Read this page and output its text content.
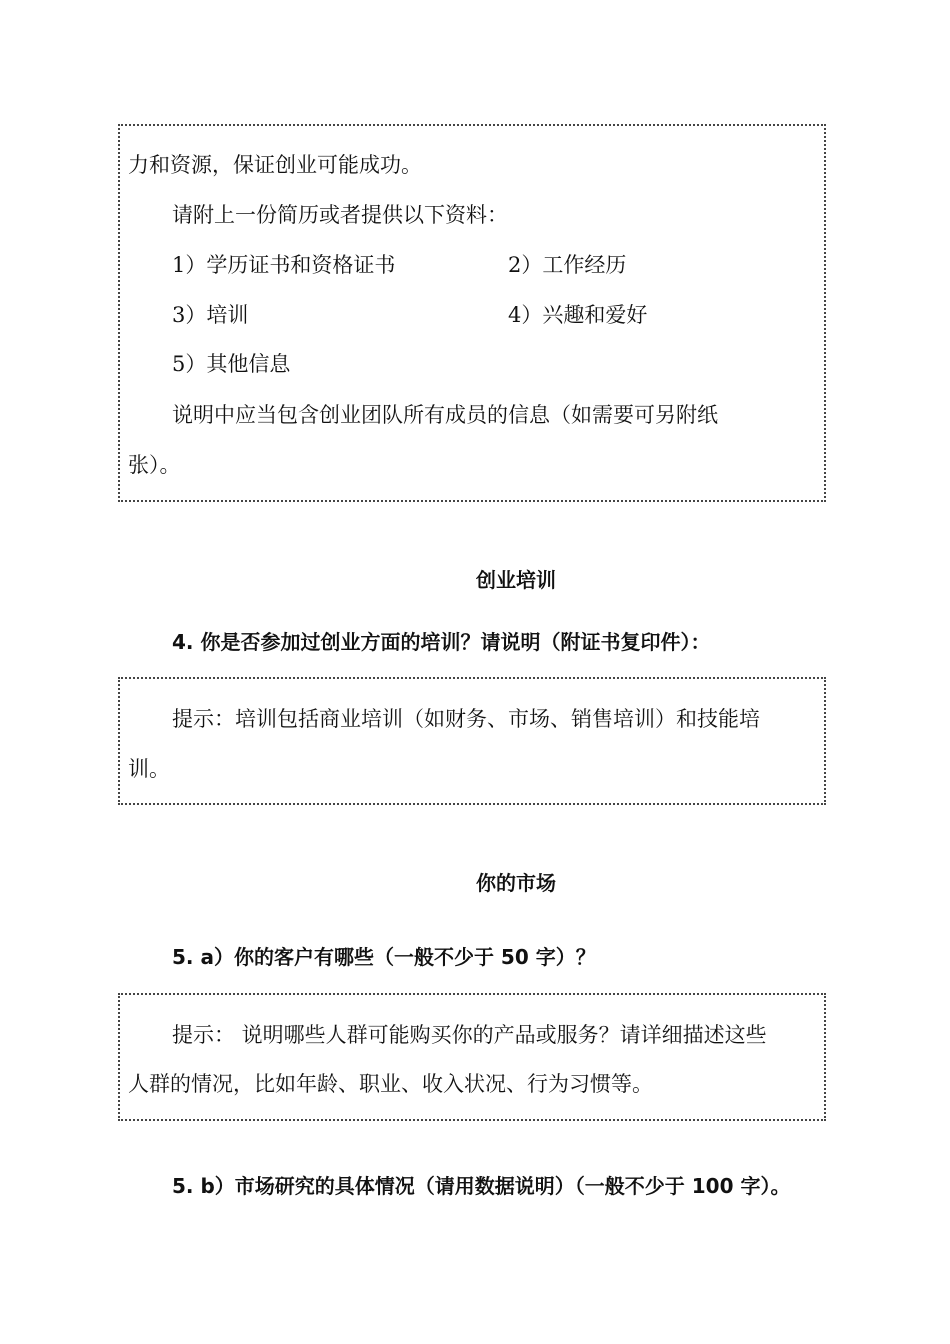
力和资源，保证创业可能成功。
请附上一份简历或者提供以下资料：
1）学历证书和资格证书	2）工作经历
3）培训	4）兴趣和爱好
5）其他信息
说明中应当包含创业团队所有成员的信息（如需要可另附纸
张）。
创业培训
4. 你是否参加过创业方面的培训？请说明（附证书复印件）：
提示：培训包括商业培训（如财务、市场、销售培训）和技能培
训。
你的市场
5. a）你的客户有哪些（一般不少于 50 字）？
提示： 说明哪些人群可能购买你的产品或服务？请详细描述这些
人群的情况，比如年龄、职业、收入状况、行为习惯等。
5. b）市场研究的具体情况（请用数据说明）（一般不少于 100 字）。
